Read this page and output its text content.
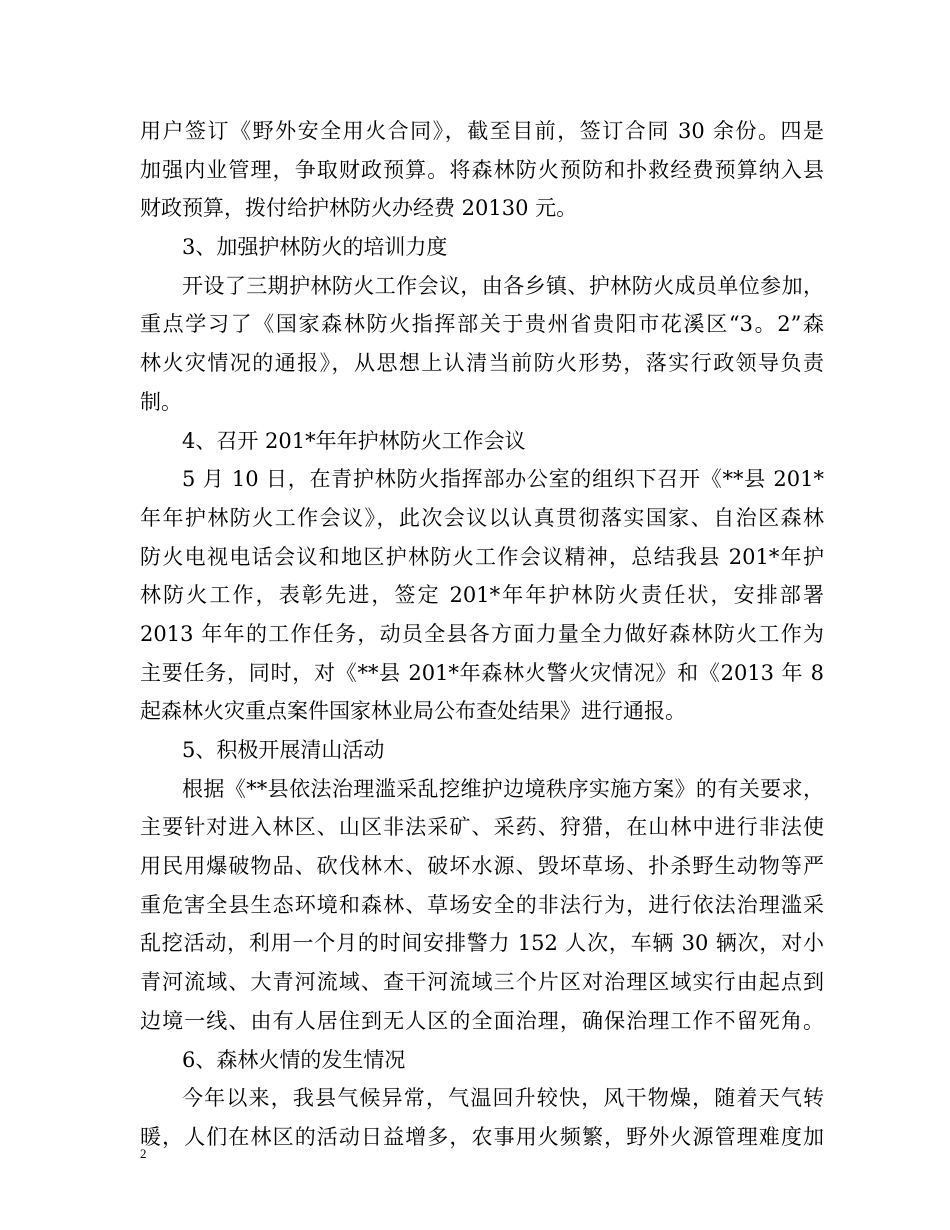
用户签订《野外安全用火合同》，截至目前，签订合同 30 余份。四是
加强内业管理，争取财政预算。将森林防火预防和扑救经费预算纳入县
财政预算，拨付给护林防火办经费 20130 元。
3、加强护林防火的培训力度
开设了三期护林防火工作会议，由各乡镇、护林防火成员单位参加，
重点学习了《国家森林防火指挥部关于贵州省贵阳市花溪区“3。2”森
林火灾情况的通报》，从思想上认清当前防火形势，落实行政领导负责
制。
4、召开 201*年年护林防火工作会议
5 月 10 日，在青护林防火指挥部办公室的组织下召开《**县 201*
年年护林防火工作会议》，此次会议以认真贯彻落实国家、自治区森林
防火电视电话会议和地区护林防火工作会议精神，总结我县 201*年护
林防火工作，表彰先进，签定 201*年年护林防火责任状，安排部署
2013 年年的工作任务，动员全县各方面力量全力做好森林防火工作为
主要任务，同时，对《**县 201*年森林火警火灾情况》和《2013 年 8
起森林火灾重点案件国家林业局公布查处结果》进行通报。
5、积极开展清山活动
根据《**县依法治理滥采乱挖维护边境秩序实施方案》的有关要求，
主要针对进入林区、山区非法采矿、采药、狩猎，在山林中进行非法使
用民用爆破物品、砍伐林木、破坏水源、毁坏草场、扑杀野生动物等严
重危害全县生态环境和森林、草场安全的非法行为，进行依法治理滥采
乱挖活动，利用一个月的时间安排警力 152 人次，车辆 30 辆次，对小
青河流域、大青河流域、查干河流域三个片区对治理区域实行由起点到
边境一线、由有人居住到无人区的全面治理，确保治理工作不留死角。
6、森林火情的发生情况
今年以来，我县气候异常，气温回升较快，风干物燥，随着天气转
暖，人们在林区的活动日益增多，农事用火频繁，野外火源管理难度加
2
